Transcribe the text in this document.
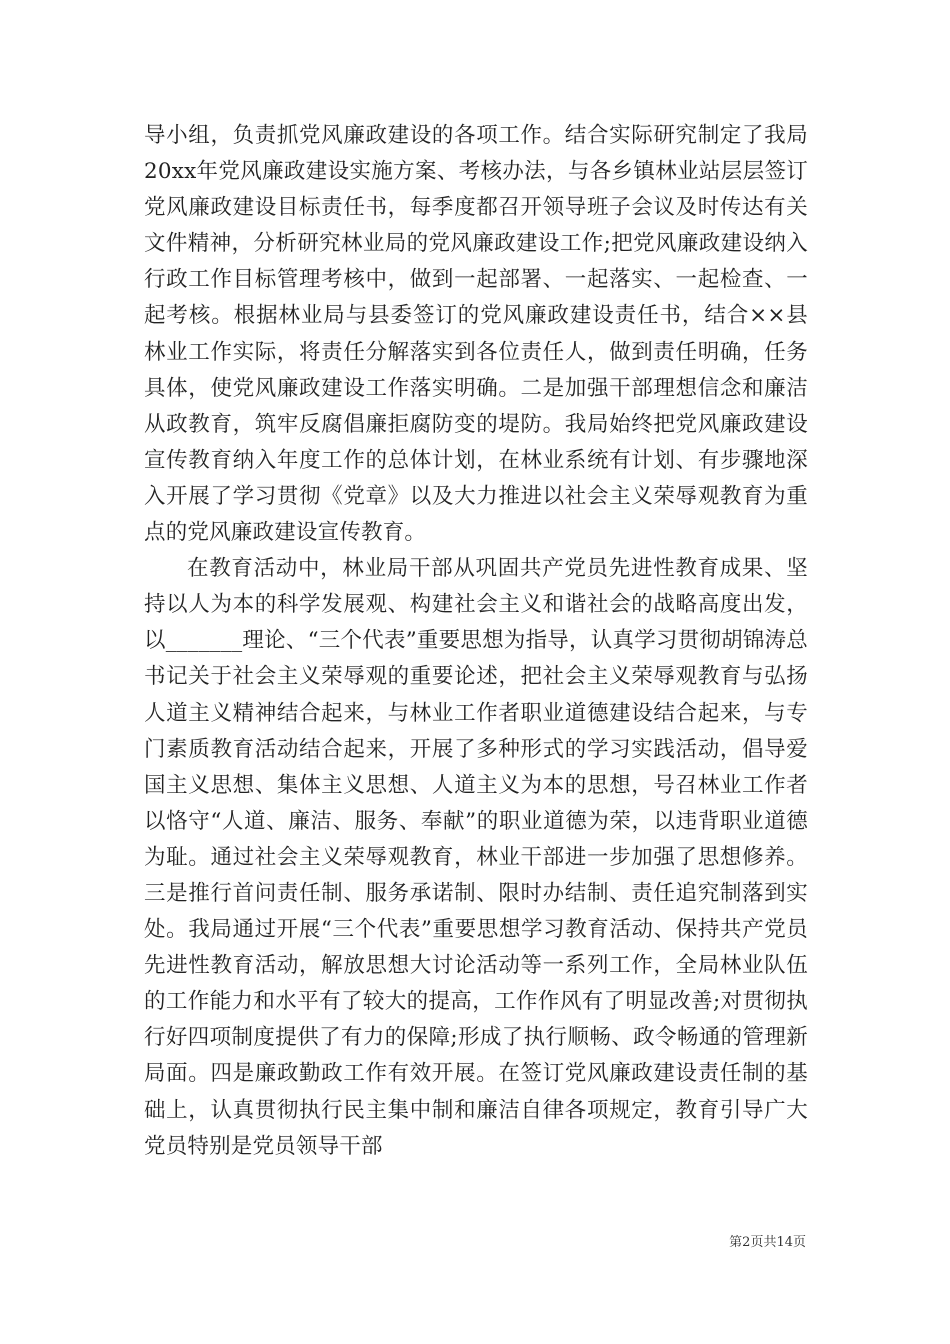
导小组，负责抓党风廉政建设的各项工作。结合实际研究制定了我局20xx年党风廉政建设实施方案、考核办法，与各乡镇林业站层层签订党风廉政建设目标责任书，每季度都召开领导班子会议及时传达有关文件精神，分析研究林业局的党风廉政建设工作;把党风廉政建设纳入行政工作目标管理考核中，做到一起部署、一起落实、一起检查、一起考核。根据林业局与县委签订的党风廉政建设责任书，结合××县林业工作实际，将责任分解落实到各位责任人，做到责任明确，任务具体，使党风廉政建设工作落实明确。二是加强干部理想信念和廉洁从政教育，筑牢反腐倡廉拒腐防变的堤防。我局始终把党风廉政建设宣传教育纳入年度工作的总体计划，在林业系统有计划、有步骤地深入开展了学习贯彻《党章》以及大力推进以社会主义荣辱观教育为重点的党风廉政建设宣传教育。

在教育活动中，林业局干部从巩固共产党员先进性教育成果、坚持以人为本的科学发展观、构建社会主义和谐社会的战略高度出发，以_______理论、“三个代表”重要思想为指导，认真学习贯彻胡锦涛总书记关于社会主义荣辱观的重要论述，把社会主义荣辱观教育与弘扬人道主义精神结合起来，与林业工作者职业道德建设结合起来，与专门素质教育活动结合起来，开展了多种形式的学习实践活动，倡导爱国主义思想、集体主义思想、人道主义为本的思想，号召林业工作者以恪守“人道、廉洁、服务、奉献”的职业道德为荣，以违背职业道德为耻。通过社会主义荣辱观教育，林业干部进一步加强了思想修养。三是推行首问责任制、服务承诺制、限时办结制、责任追究制落到实处。我局通过开展“三个代表”重要思想学习教育活动、保持共产党员先进性教育活动，解放思想大讨论活动等一系列工作，全局林业队伍的工作能力和水平有了较大的提高，工作作风有了明显改善;对贯彻执行好四项制度提供了有力的保障;形成了执行顺畅、政令畅通的管理新局面。四是廉政勤政工作有效开展。在签订党风廉政建设责任制的基础上，认真贯彻执行民主集中制和廉洁自律各项规定，教育引导广大党员特别是党员领导干部

第2页共14页
